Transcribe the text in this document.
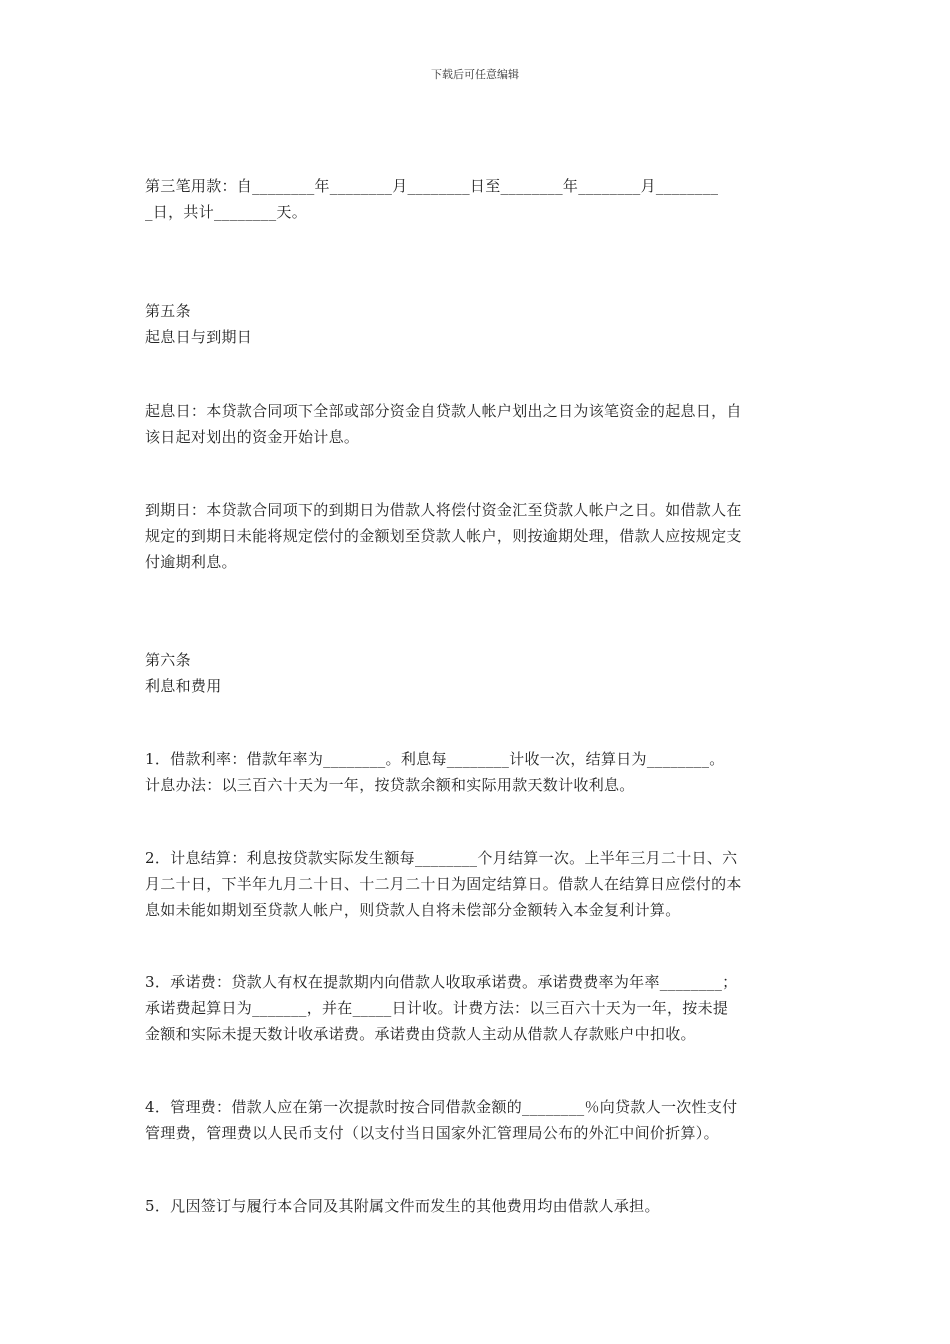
下载后可任意编辑

第三笔用款：自________年________月________日至________年________月________
_日，共计________天。

第五条
起息日与到期日

起息日：本贷款合同项下全部或部分资金自贷款人帐户划出之日为该笔资金的起息日，自
该日起对划出的资金开始计息。

到期日：本贷款合同项下的到期日为借款人将偿付资金汇至贷款人帐户之日。如借款人在
规定的到期日未能将规定偿付的金额划至贷款人帐户，则按逾期处理，借款人应按规定支
付逾期利息。

第六条
利息和费用

1．借款利率：借款年率为________。利息每________计收一次，结算日为________。
计息办法：以三百六十天为一年，按贷款余额和实际用款天数计收利息。

2．计息结算：利息按贷款实际发生额每________个月结算一次。上半年三月二十日、六
月二十日，下半年九月二十日、十二月二十日为固定结算日。借款人在结算日应偿付的本
息如未能如期划至贷款人帐户，则贷款人自将未偿部分金额转入本金复利计算。

3．承诺费：贷款人有权在提款期内向借款人收取承诺费。承诺费费率为年率________；
承诺费起算日为_______，并在_____日计收。计费方法：以三百六十天为一年，按未提
金额和实际未提天数计收承诺费。承诺费由贷款人主动从借款人存款账户中扣收。

4．管理费：借款人应在第一次提款时按合同借款金额的________％向贷款人一次性支付
管理费，管理费以人民币支付（以支付当日国家外汇管理局公布的外汇中间价折算）。

5．凡因签订与履行本合同及其附属文件而发生的其他费用均由借款人承担。
